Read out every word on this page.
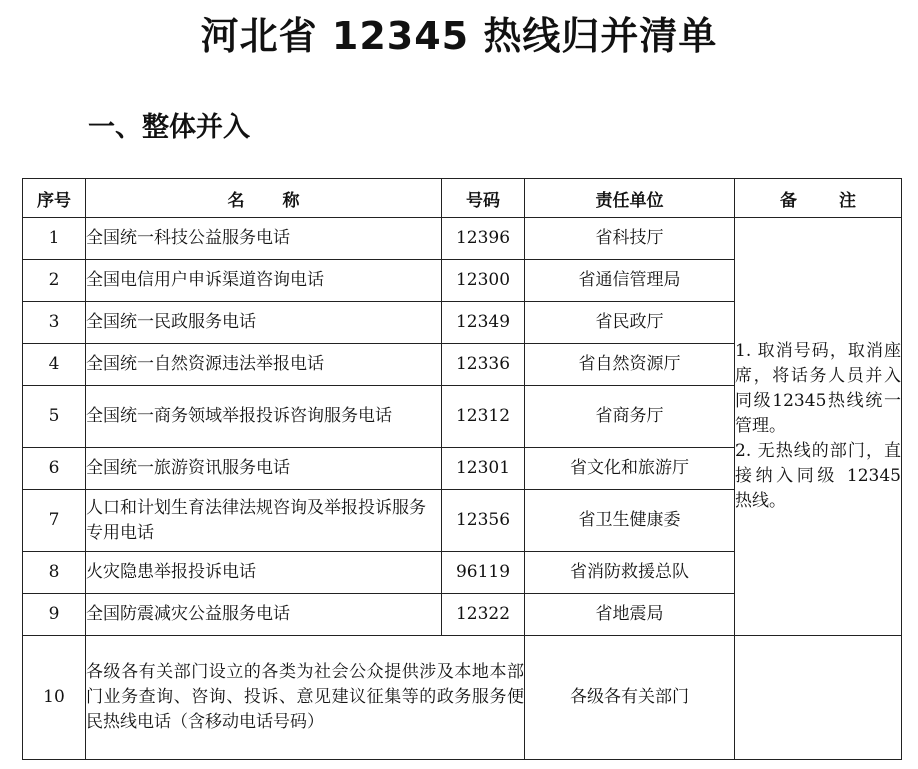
河北省 12345 热线归并清单
一、整体并入
序号	名称	号码	责任单位	备注
1	全国统一科技公益服务电话	12396	省科技厅	1. 取消号码，取消座席，将话务人员并入同级12345热线统一管理。
2. 无热线的部门，直接纳入同级 12345 热线。

2	全国电信用户申诉渠道咨询电话	12300	省通信管理局	
3	全国统一民政服务电话	12349	省民政厅	
4	全国统一自然资源违法举报电话	12336	省自然资源厅	
5	全国统一商务领域举报投诉咨询服务电话	12312	省商务厅	
6	全国统一旅游资讯服务电话	12301	省文化和旅游厅	
7	人口和计划生育法律法规咨询及举报投诉服务专用电话	12356	省卫生健康委	
8	火灾隐患举报投诉电话	96119	省消防救援总队	
9	全国防震减灾公益服务电话	12322	省地震局	
10	各级各有关部门设立的各类为社会公众提供涉及本地本部门业务查询、咨询、投诉、意见建议征集等的政务服务便民热线电话（含移动电话号码）		各级各有关部门	
